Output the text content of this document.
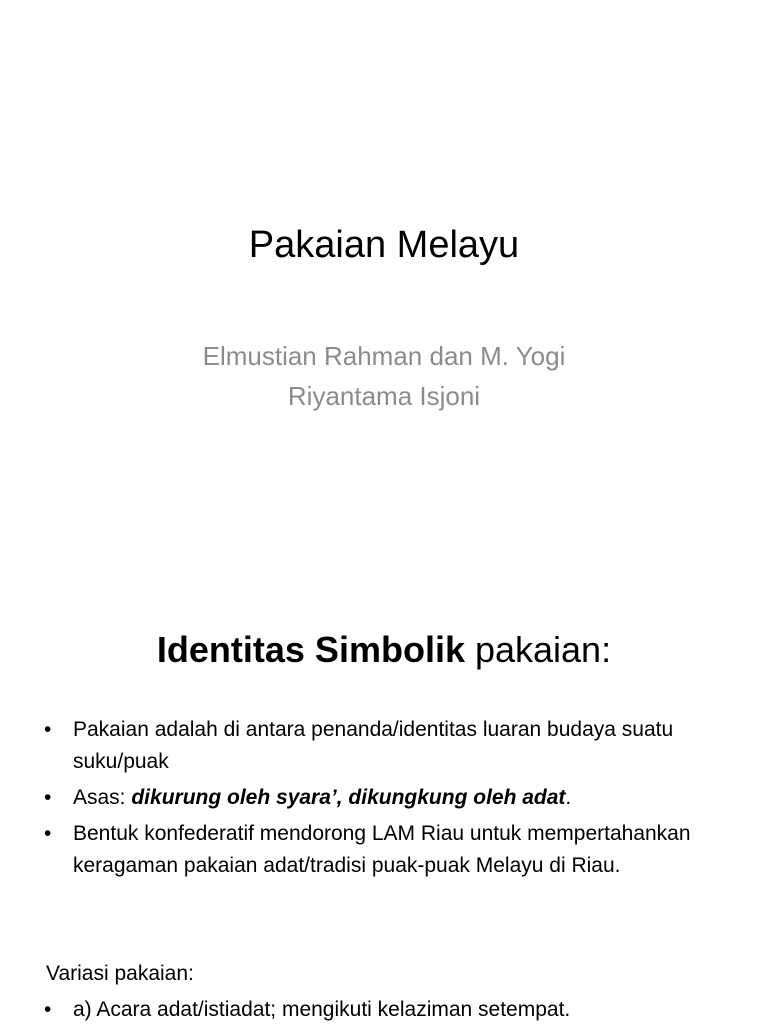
Pakaian Melayu
Elmustian Rahman dan M. Yogi
Riyantama Isjoni
Identitas Simbolik pakaian:
• Pakaian adalah di antara penanda/identitas luaran budaya suatu suku/puak
• Asas: dikurung oleh syara’, dikungkung oleh adat.
• Bentuk konfederatif mendorong LAM Riau untuk mempertahankan keragaman pakaian adat/tradisi puak-puak Melayu di Riau.
Variasi pakaian:
• a) Acara adat/istiadat; mengikuti kelaziman setempat.
